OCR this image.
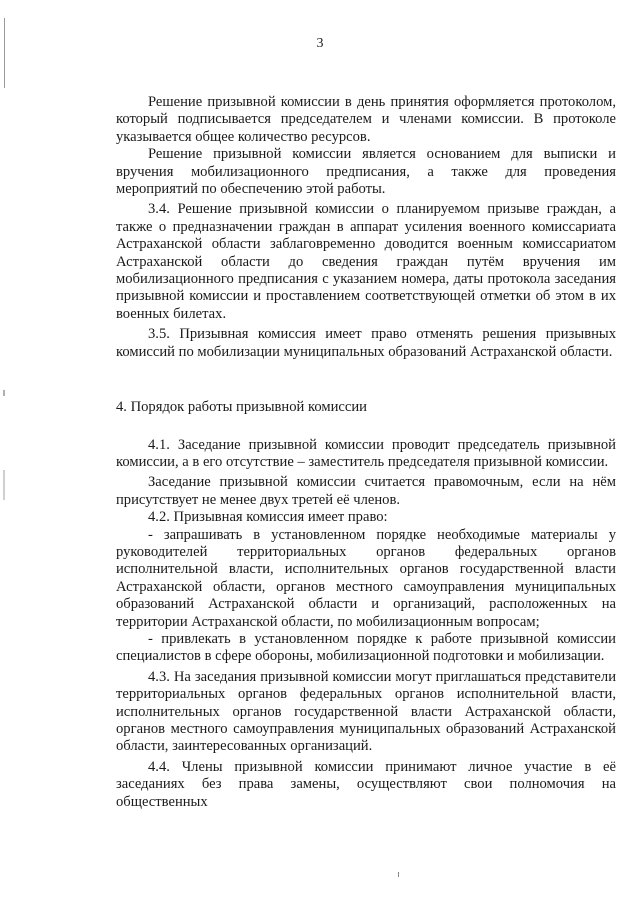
3

Решение призывной комиссии в день принятия оформляется протоколом, который подписывается председателем и членами комиссии. В протоколе указывается общее количество ресурсов.

Решение призывной комиссии является основанием для выписки и вручения мобилизационного предписания, а также для проведения мероприятий по обеспечению этой работы.

3.4. Решение призывной комиссии о планируемом призыве граждан, а также о предназначении граждан в аппарат усиления военного комиссариата Астраханской области заблаговременно доводится военным комиссариатом Астраханской области до сведения граждан путём вручения им мобилизационного предписания с указанием номера, даты протокола заседания призывной комиссии и проставлением соответствующей отметки об этом в их военных билетах.

3.5. Призывная комиссия имеет право отменять решения призывных комиссий по мобилизации муниципальных образований Астраханской области.

4. Порядок работы призывной комиссии

4.1. Заседание призывной комиссии проводит председатель призывной комиссии, а в его отсутствие – заместитель председателя призывной комиссии.

Заседание призывной комиссии считается правомочным, если на нём присутствует не менее двух третей её членов.

4.2. Призывная комиссия имеет право:

- запрашивать в установленном порядке необходимые материалы у руководителей территориальных органов федеральных органов исполнительной власти, исполнительных органов государственной власти Астраханской области, органов местного самоуправления муниципальных образований Астраханской области и организаций, расположенных на территории Астраханской области, по мобилизационным вопросам;

- привлекать в установленном порядке к работе призывной комиссии специалистов в сфере обороны, мобилизационной подготовки и мобилизации.

4.3. На заседания призывной комиссии могут приглашаться представители территориальных органов федеральных органов исполнительной власти, исполнительных органов государственной власти Астраханской области, органов местного самоуправления муниципальных образований Астраханской области, заинтересованных организаций.

4.4. Члены призывной комиссии принимают личное участие в её заседаниях без права замены, осуществляют свои полномочия на общественных
